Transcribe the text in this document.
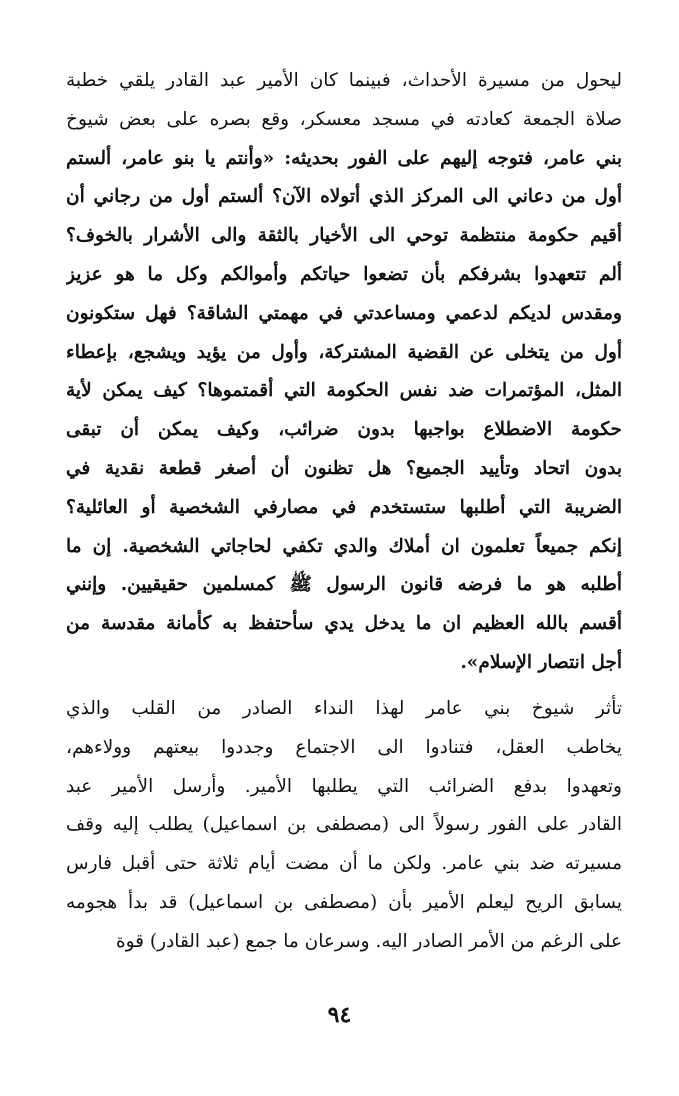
ليحول من مسيرة الأحداث، فبينما كان الأمير عبد القادر يلقي خطبة
صلاة الجمعة كعادته في مسجد معسكر، وقع بصره على بعض شيوخ
بني عامر، فتوجه إليهم على الفور بحديثه: «وأنتم يا بنو عامر، ألستم
أول من دعاني الى المركز الذي أتولاه الآن؟ ألستم أول من رجاني أن
أقيم حكومة منتظمة توحي الى الأخيار بالثقة والى الأشرار بالخوف؟
ألم تتعهدوا بشرفكم بأن تضعوا حياتكم وأموالكم وكل ما هو عزيز
ومقدس لديكم لدعمي ومساعدتي في مهمتي الشاقة؟ فهل ستكونون
أول من يتخلى عن القضية المشتركة، وأول من يؤيد ويشجع، بإعطاء
المثل، المؤتمرات ضد نفس الحكومة التي أقمتموها؟ كيف يمكن لأية
حكومة الاضطلاع بواجبها بدون ضرائب، وكيف يمكن أن تبقى
بدون اتحاد وتأييد الجميع؟ هل تظنون أن أصغر قطعة نقدية في
الضريبة التي أطلبها ستستخدم في مصارفي الشخصية أو العائلية؟
إنكم جميعاً تعلمون ان أملاك والدي تكفي لحاجاتي الشخصية. إن ما
أطلبه هو ما فرضه قانون الرسول ﷺ كمسلمين حقيقيين. وإنني
أقسم بالله العظيم ان ما يدخل يدي سأحتفظ به كأمانة مقدسة من
أجل انتصار الإسلام».
تأثر شيوخ بني عامر لهذا النداء الصادر من القلب والذي
يخاطب العقل، فتنادوا الى الاجتماع وجددوا بيعتهم وولاءهم،
وتعهدوا بدفع الضرائب التي يطلبها الأمير. وأرسل الأمير عبد
القادر على الفور رسولاً الى (مصطفى بن اسماعيل) يطلب إليه وقف
مسيرته ضد بني عامر. ولكن ما أن مضت أيام ثلاثة حتى أقبل فارس
يسابق الريح ليعلم الأمير بأن (مصطفى بن اسماعيل) قد بدأ هجومه
على الرغم من الأمر الصادر اليه. وسرعان ما جمع (عبد القادر) قوة
٩٤
